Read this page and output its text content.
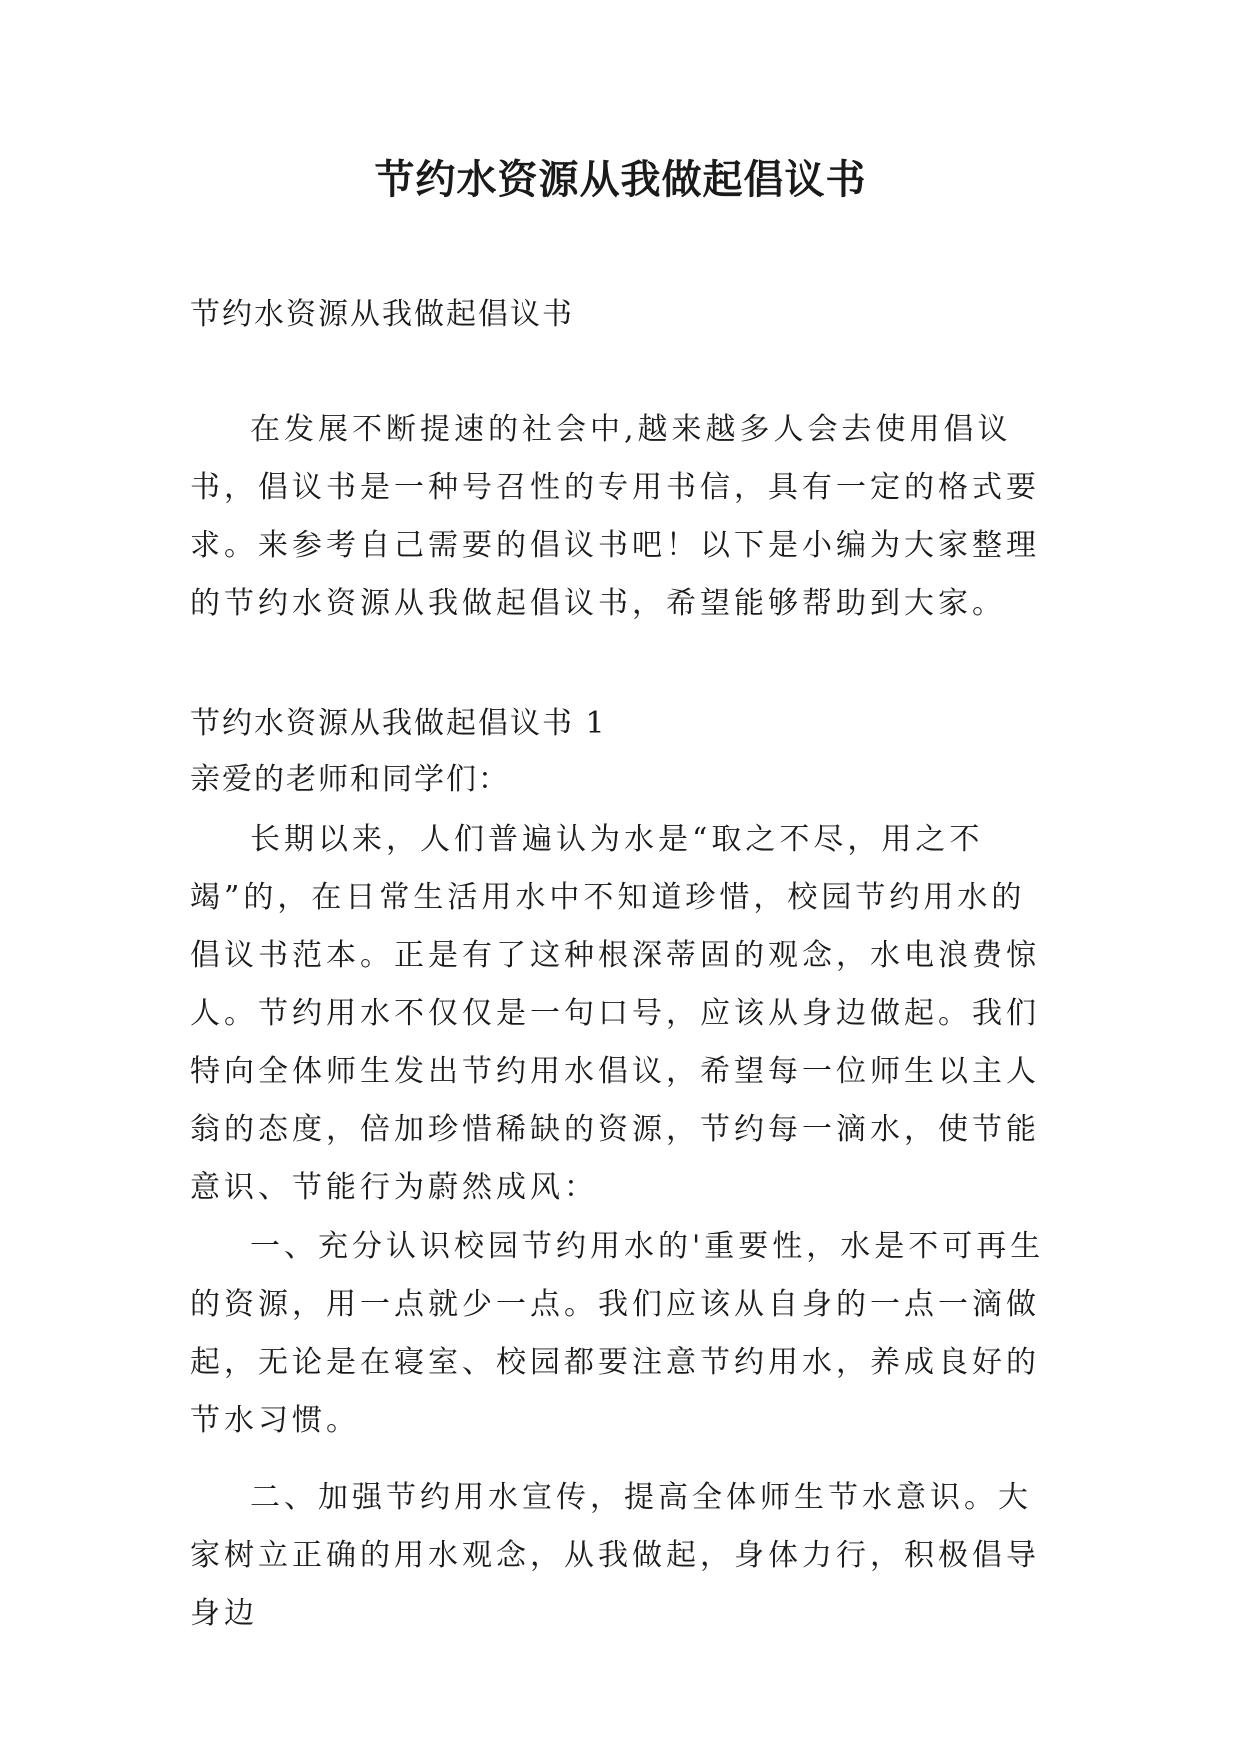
节约水资源从我做起倡议书

节约水资源从我做起倡议书

在发展不断提速的社会中,越来越多人会去使用倡议书，倡议书是一种号召性的专用书信，具有一定的格式要求。来参考自己需要的倡议书吧！以下是小编为大家整理的节约水资源从我做起倡议书，希望能够帮助到大家。

节约水资源从我做起倡议书 1

亲爱的老师和同学们：

长期以来，人们普遍认为水是“取之不尽，用之不竭”的，在日常生活用水中不知道珍惜，校园节约用水的倡议书范本。正是有了这种根深蒂固的观念，水电浪费惊人。节约用水不仅仅是一句口号，应该从身边做起。我们特向全体师生发出节约用水倡议，希望每一位师生以主人翁的态度，倍加珍惜稀缺的资源，节约每一滴水，使节能意识、节能行为蔚然成风：

一、充分认识校园节约用水的'重要性，水是不可再生的资源，用一点就少一点。我们应该从自身的一点一滴做起，无论是在寝室、校园都要注意节约用水，养成良好的节水习惯。

二、加强节约用水宣传，提高全体师生节水意识。大家树立正确的用水观念，从我做起，身体力行，积极倡导身边
